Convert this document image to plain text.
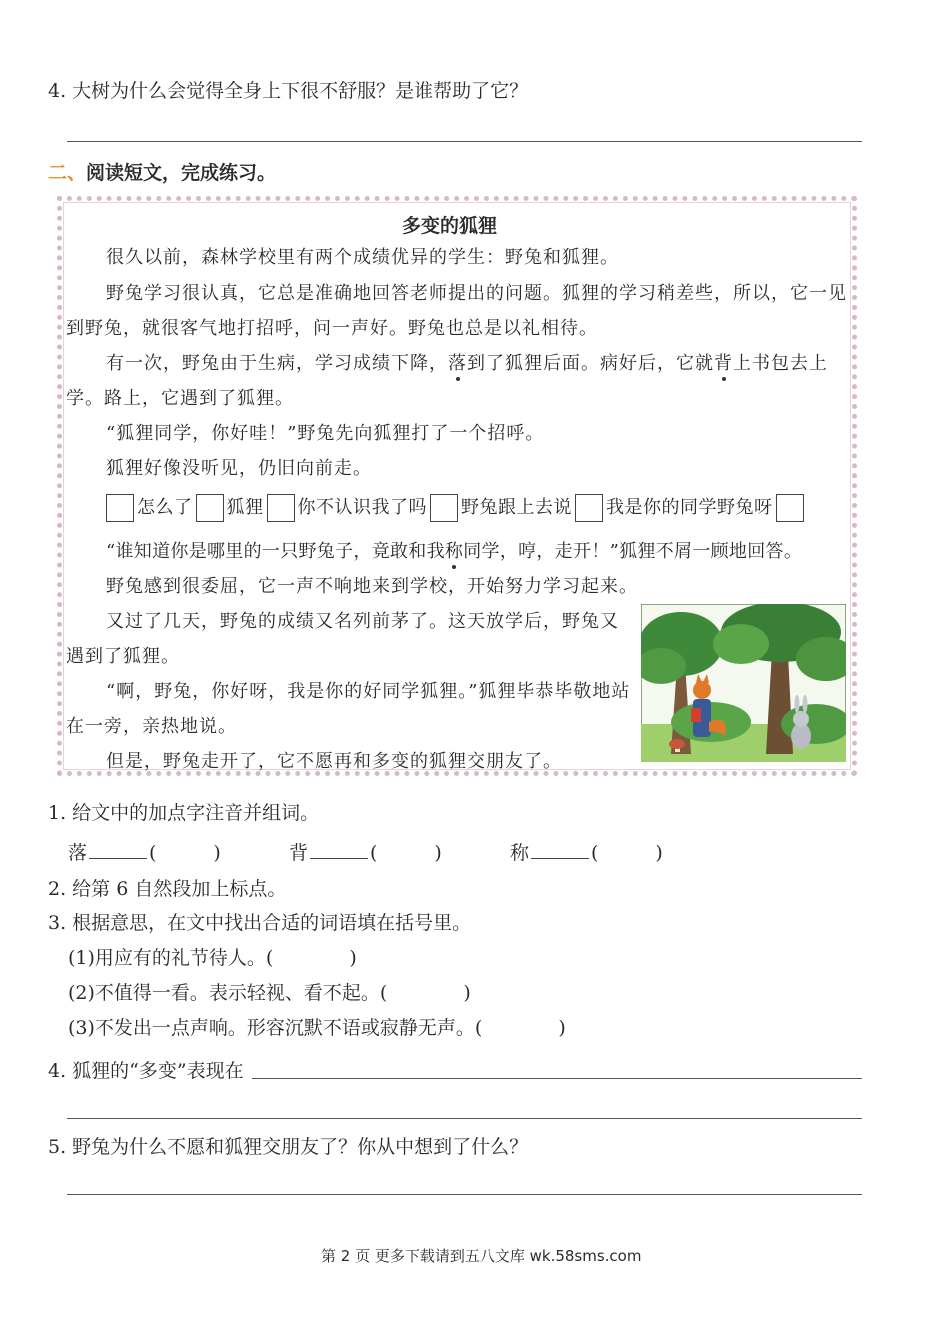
4. 大树为什么会觉得全身上下很不舒服？是谁帮助了它？
二、阅读短文，完成练习。
多变的狐狸
很久以前，森林学校里有两个成绩优异的学生：野兔和狐狸。
野兔学习很认真，它总是准确地回答老师提出的问题。狐狸的学习稍差些，所以，它一见
到野兔，就很客气地打招呼，问一声好。野兔也总是以礼相待。
有一次，野兔由于生病，学习成绩下降，落到了狐狸后面。病好后，它就背上书包去上
学。路上，它遇到了狐狸。
“狐狸同学，你好哇！”野兔先向狐狸打了一个招呼。
狐狸好像没听见，仍旧向前走。
怎么了 狐狸 你不认识我了吗 野兔跟上去说 我是你的同学野兔呀
“谁知道你是哪里的一只野兔子，竟敢和我称同学，哼，走开！”狐狸不屑一顾地回答。
野兔感到很委屈，它一声不响地来到学校，开始努力学习起来。
又过了几天，野兔的成绩又名列前茅了。这天放学后，野兔又
遇到了狐狸。
“啊，野兔，你好呀，我是你的好同学狐狸。”狐狸毕恭毕敬地站
在一旁，亲热地说。
但是，野兔走开了，它不愿再和多变的狐狸交朋友了。
1. 给文中的加点字注音并组词。
落	(　　　)	背	(　　　)	称	(　　　)
2. 给第 6 自然段加上标点。
3. 根据意思，在文中找出合适的词语填在括号里。
(1)用应有的礼节待人。(　　　　)
(2)不值得一看。表示轻视、看不起。(　　　　)
(3)不发出一点声响。形容沉默不语或寂静无声。(　　　　)
4. 狐狸的“多变”表现在
5. 野兔为什么不愿和狐狸交朋友了？你从中想到了什么？
第 2 页 更多下载请到五八文库 wk.58sms.com
